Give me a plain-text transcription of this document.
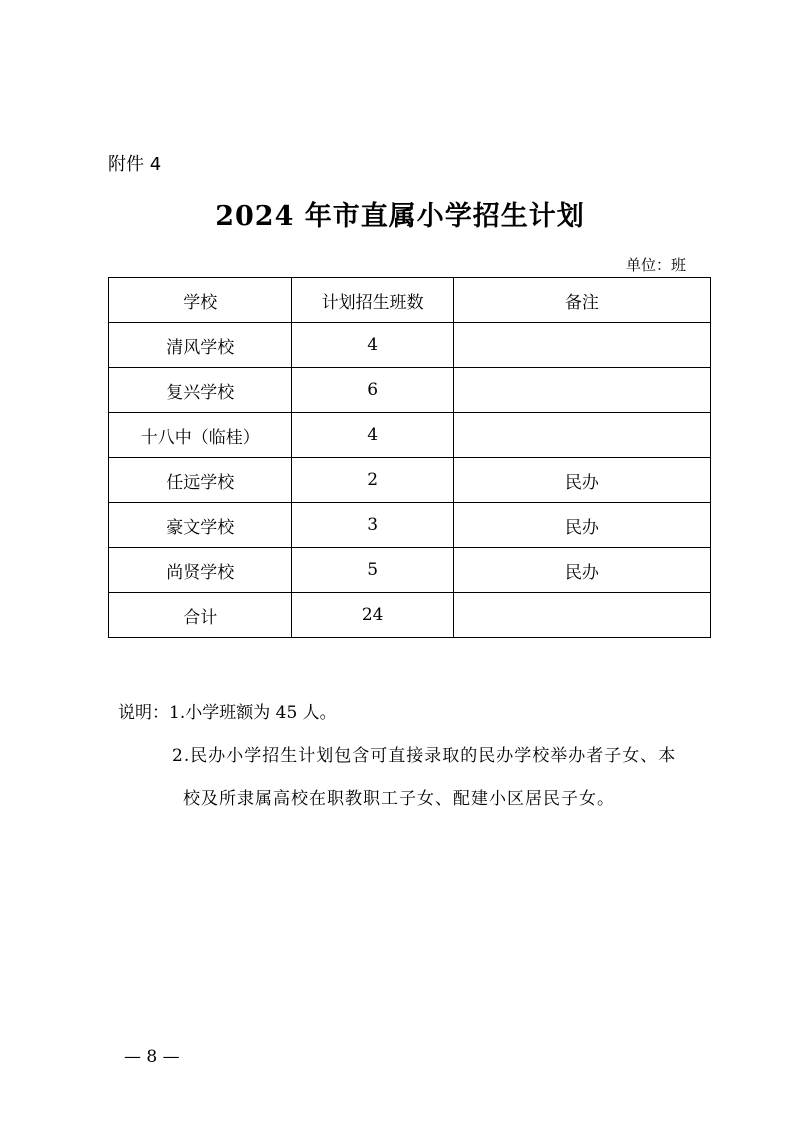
附件 4
2024 年市直属小学招生计划
单位：班
学校	计划招生班数	备注
清风学校	4	
复兴学校	6	
十八中（临桂）	4	
任远学校	2	民办
豪文学校	3	民办
尚贤学校	5	民办
合计	24	
说明：1.小学班额为 45 人。
2.民办小学招生计划包含可直接录取的民办学校举办者子女、本
校及所隶属高校在职教职工子女、配建小区居民子女。
— 8 —
